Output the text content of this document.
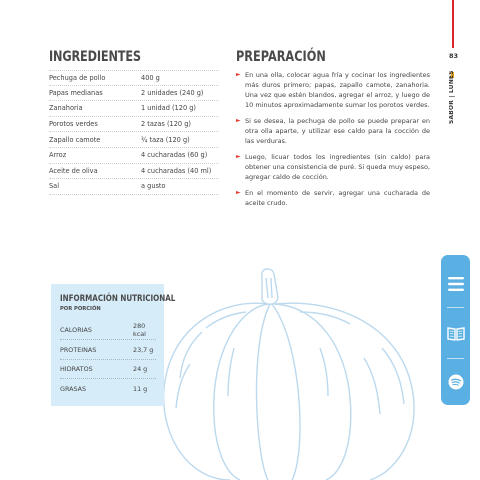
83
SABOR | LUNES
INGREDIENTES
Pechuga de pollo	400 g
Papas medianas	2 unidades (240 g)
Zanahoria	1 unidad (120 g)
Porotos verdes	2 tazas (120 g)
Zapallo camote	¾ taza (120 g)
Arroz	4 cucharadas (60 g)
Aceite de oliva	4 cucharadas (40 ml)
Sal	a gusto
PREPARACIÓN
► En una olla, colocar agua fría y cocinar los ingredientes más duros primero; papas, zapallo camote, zanahoria. Una vez que estén blandos, agregar el arroz, y luego de 10 minutos aproximadamente sumar los porotos verdes.
► Si se desea, la pechuga de pollo se puede preparar en otra olla aparte, y utilizar ese caldo para la cocción de las verduras.
► Luego, licuar todos los ingredientes (sin caldo) para obtener una consistencia de puré. Si queda muy espeso, agregar caldo de cocción.
► En el momento de servir, agregar una cucharada de aceite crudo.
INFORMACIÓN NUTRICIONAL
POR PORCIÓN
CALORIAS	280 kcal
PROTEINAS	23,7 g
HIDRATOS	24 g
GRASAS	11 g
